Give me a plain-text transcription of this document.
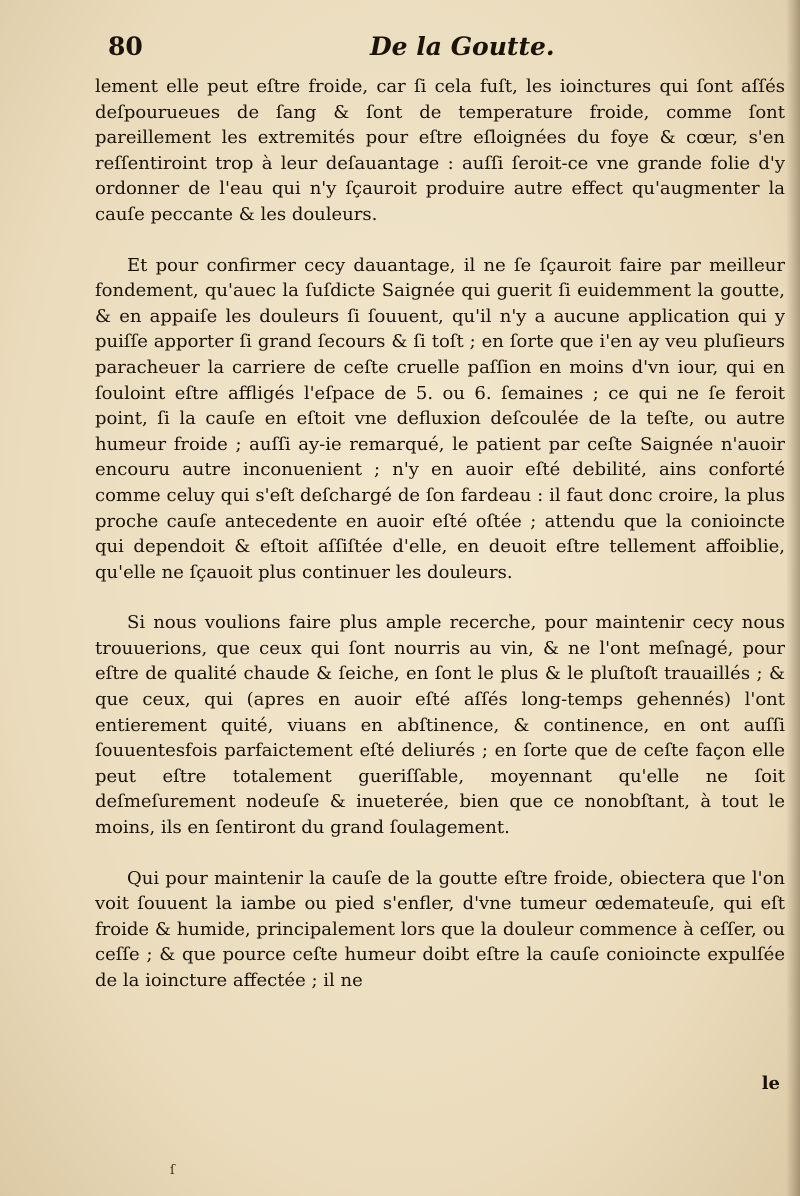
80	De la Goutte.

lement elle peut eſtre froide, car ſi cela fuſt, les ioinctures qui ſont aſſés deſpourueues de ſang & ſont de temperature froide, comme ſont pareillement les extremités pour eſtre eſloignées du foye & cœur, s'en reſſentiroint trop à leur deſauantage : auſſi ſeroit-ce vne grande folie d'y ordonner de l'eau qui n'y ſçauroit produire autre effect qu'augmenter la cauſe peccante & les douleurs.

Et pour confirmer cecy dauantage, il ne ſe ſçauroit faire par meilleur fondement, qu'auec la ſuſdicte Saignée qui guerit ſi euidemment la goutte, & en appaiſe les douleurs ſi ſouuent, qu'il n'y a aucune application qui y puiſſe apporter ſi grand ſecours & ſi toſt ; en ſorte que i'en ay veu pluſieurs paracheuer la carriere de ceſte cruelle paſſion en moins d'vn iour, qui en ſouloint eſtre affligés l'eſpace de 5. ou 6. ſemaines ; ce qui ne ſe feroit point, ſi la cauſe en eſtoit vne defluxion deſcoulée de la teſte, ou autre humeur froide ; auſſi ay-ie remarqué, le patient par ceſte Saignée n'auoir encouru autre inconuenient ; n'y en auoir eſté debilité, ains conforté comme celuy qui s'eſt deſchargé de ſon fardeau : il faut donc croire, la plus proche cauſe antecedente en auoir eſté oſtée ; attendu que la conioincte qui dependoit & eſtoit aſſiſtée d'elle, en deuoit eſtre tellement affoiblie, qu'elle ne ſçauoit plus continuer les douleurs.

Si nous voulions faire plus ample recerche, pour maintenir cecy nous trouuerions, que ceux qui ſont nourris au vin, & ne l'ont meſnagé, pour eſtre de qualité chaude & ſeiche, en ſont le plus & le pluſtoſt trauaillés ; & que ceux, qui (apres en auoir eſté aſſés long-temps gehennés) l'ont entierement quité, viuans en abſtinence, & continence, en ont auſſi ſouuentesfois parfaictement eſté deliurés ; en ſorte que de ceſte façon elle peut eſtre totalement gueriſſable, moyennant qu'elle ne ſoit deſmeſurement nodeuſe & inueterée, bien que ce nonobſtant, à tout le moins, ils en ſentiront du grand ſoulagement.

Qui pour maintenir la cauſe de la goutte eſtre froide, obiectera que l'on voit ſouuent la iambe ou pied s'enfler, d'vne tumeur œdemateuſe, qui eſt froide & humide, principalement lors que la douleur commence à ceſſer, ou ceſſe ; & que pource ceſte humeur doibt eſtre la cauſe conioincte expulſée de la ioincture affectée ; il ne

le
ſ
